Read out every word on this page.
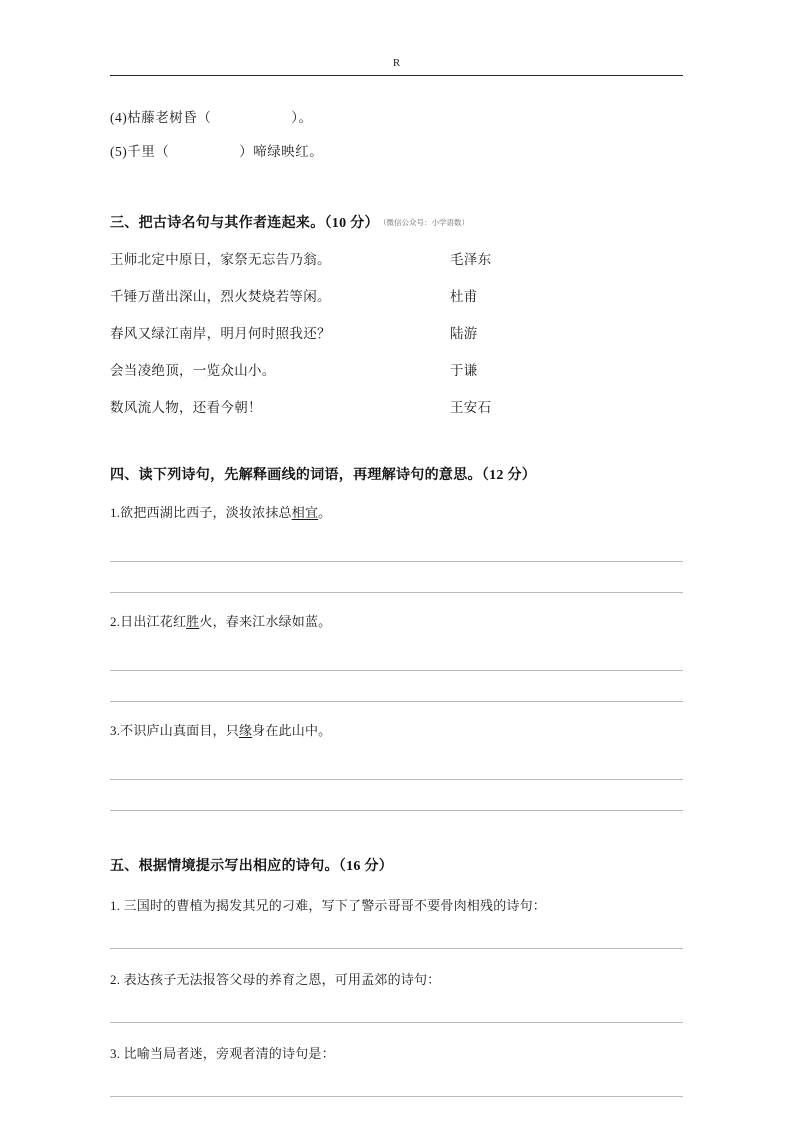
R
(4)枯藤老树昏（	）。
(5)千里（	）啼绿映红。
三、把古诗名句与其作者连起来。（10 分） （微信公众号：小学语数）
王师北定中原日，家祭无忘告乃翁。	毛泽东
千锤万凿出深山，烈火焚烧若等闲。	杜甫
春风又绿江南岸，明月何时照我还？	陆游
会当凌绝顶，一览众山小。	于谦
数风流人物，还看今朝！	王安石
四、读下列诗句，先解释画线的词语，再理解诗句的意思。（12 分）
1.欲把西湖比西子，淡妆浓抹总相宜。
2.日出江花红胜火，春来江水绿如蓝。
3.不识庐山真面目，只缘身在此山中。
五、根据情境提示写出相应的诗句。（16 分）
1. 三国时的曹植为揭发其兄的刁难，写下了警示哥哥不要骨肉相残的诗句：
2. 表达孩子无法报答父母的养育之恩，可用孟郊的诗句：
3. 比喻当局者迷，旁观者清的诗句是：
